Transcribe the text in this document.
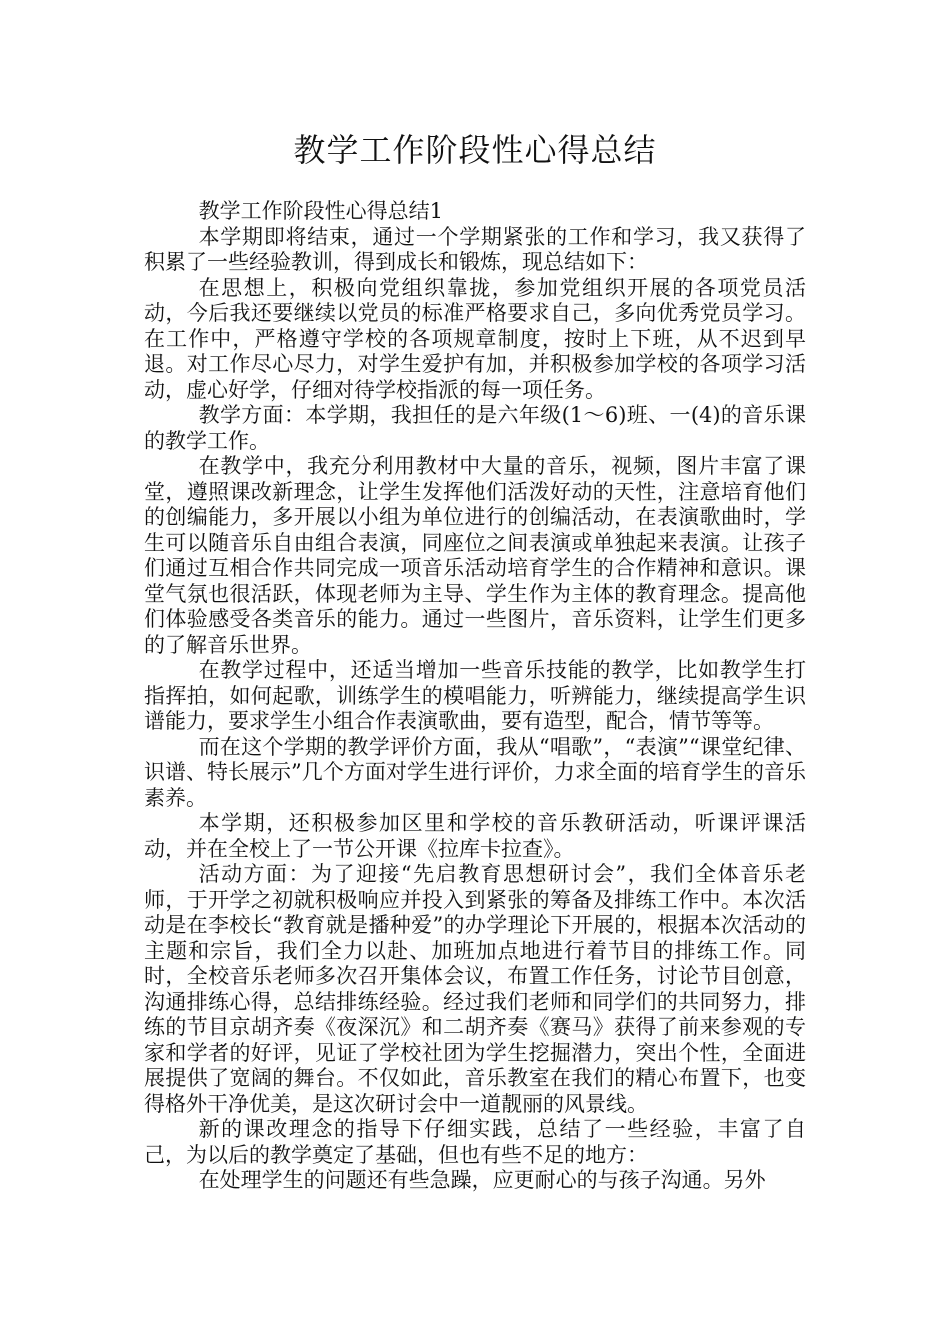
教学工作阶段性心得总结

教学工作阶段性心得总结1

本学期即将结束，通过一个学期紧张的工作和学习，我又获得了积累了一些经验教训，得到成长和锻炼，现总结如下：

在思想上，积极向党组织靠拢，参加党组织开展的各项党员活动，今后我还要继续以党员的标准严格要求自己，多向优秀党员学习。在工作中，严格遵守学校的各项规章制度，按时上下班，从不迟到早退。对工作尽心尽力，对学生爱护有加，并积极参加学校的各项学习活动，虚心好学，仔细对待学校指派的每一项任务。

教学方面：本学期，我担任的是六年级(1～6)班、一(4)的音乐课的教学工作。

在教学中，我充分利用教材中大量的音乐，视频，图片丰富了课堂，遵照课改新理念，让学生发挥他们活泼好动的天性，注意培育他们的创编能力，多开展以小组为单位进行的创编活动，在表演歌曲时，学生可以随音乐自由组合表演，同座位之间表演或单独起来表演。让孩子们通过互相合作共同完成一项音乐活动培育学生的合作精神和意识。课堂气氛也很活跃，体现老师为主导、学生作为主体的教育理念。提高他们体验感受各类音乐的能力。通过一些图片，音乐资料，让学生们更多的了解音乐世界。

在教学过程中，还适当增加一些音乐技能的教学，比如教学生打指挥拍，如何起歌，训练学生的模唱能力，听辨能力，继续提高学生识谱能力，要求学生小组合作表演歌曲，要有造型，配合，情节等等。

而在这个学期的教学评价方面，我从“唱歌”，“表演”“课堂纪律、识谱、特长展示”几个方面对学生进行评价，力求全面的培育学生的音乐素养。

本学期，还积极参加区里和学校的音乐教研活动，听课评课活动，并在全校上了一节公开课《拉库卡拉查》。

活动方面：为了迎接“先启教育思想研讨会”，我们全体音乐老师，于开学之初就积极响应并投入到紧张的筹备及排练工作中。本次活动是在李校长“教育就是播种爱”的办学理论下开展的，根据本次活动的主题和宗旨，我们全力以赴、加班加点地进行着节目的排练工作。同时，全校音乐老师多次召开集体会议，布置工作任务，讨论节目创意，沟通排练心得，总结排练经验。经过我们老师和同学们的共同努力，排练的节目京胡齐奏《夜深沉》和二胡齐奏《赛马》获得了前来参观的专家和学者的好评，见证了学校社团为学生挖掘潜力，突出个性，全面进展提供了宽阔的舞台。不仅如此，音乐教室在我们的精心布置下，也变得格外干净优美，是这次研讨会中一道靓丽的风景线。

新的课改理念的指导下仔细实践，总结了一些经验，丰富了自己，为以后的教学奠定了基础，但也有些不足的地方：

在处理学生的问题还有些急躁，应更耐心的与孩子沟通。另外
